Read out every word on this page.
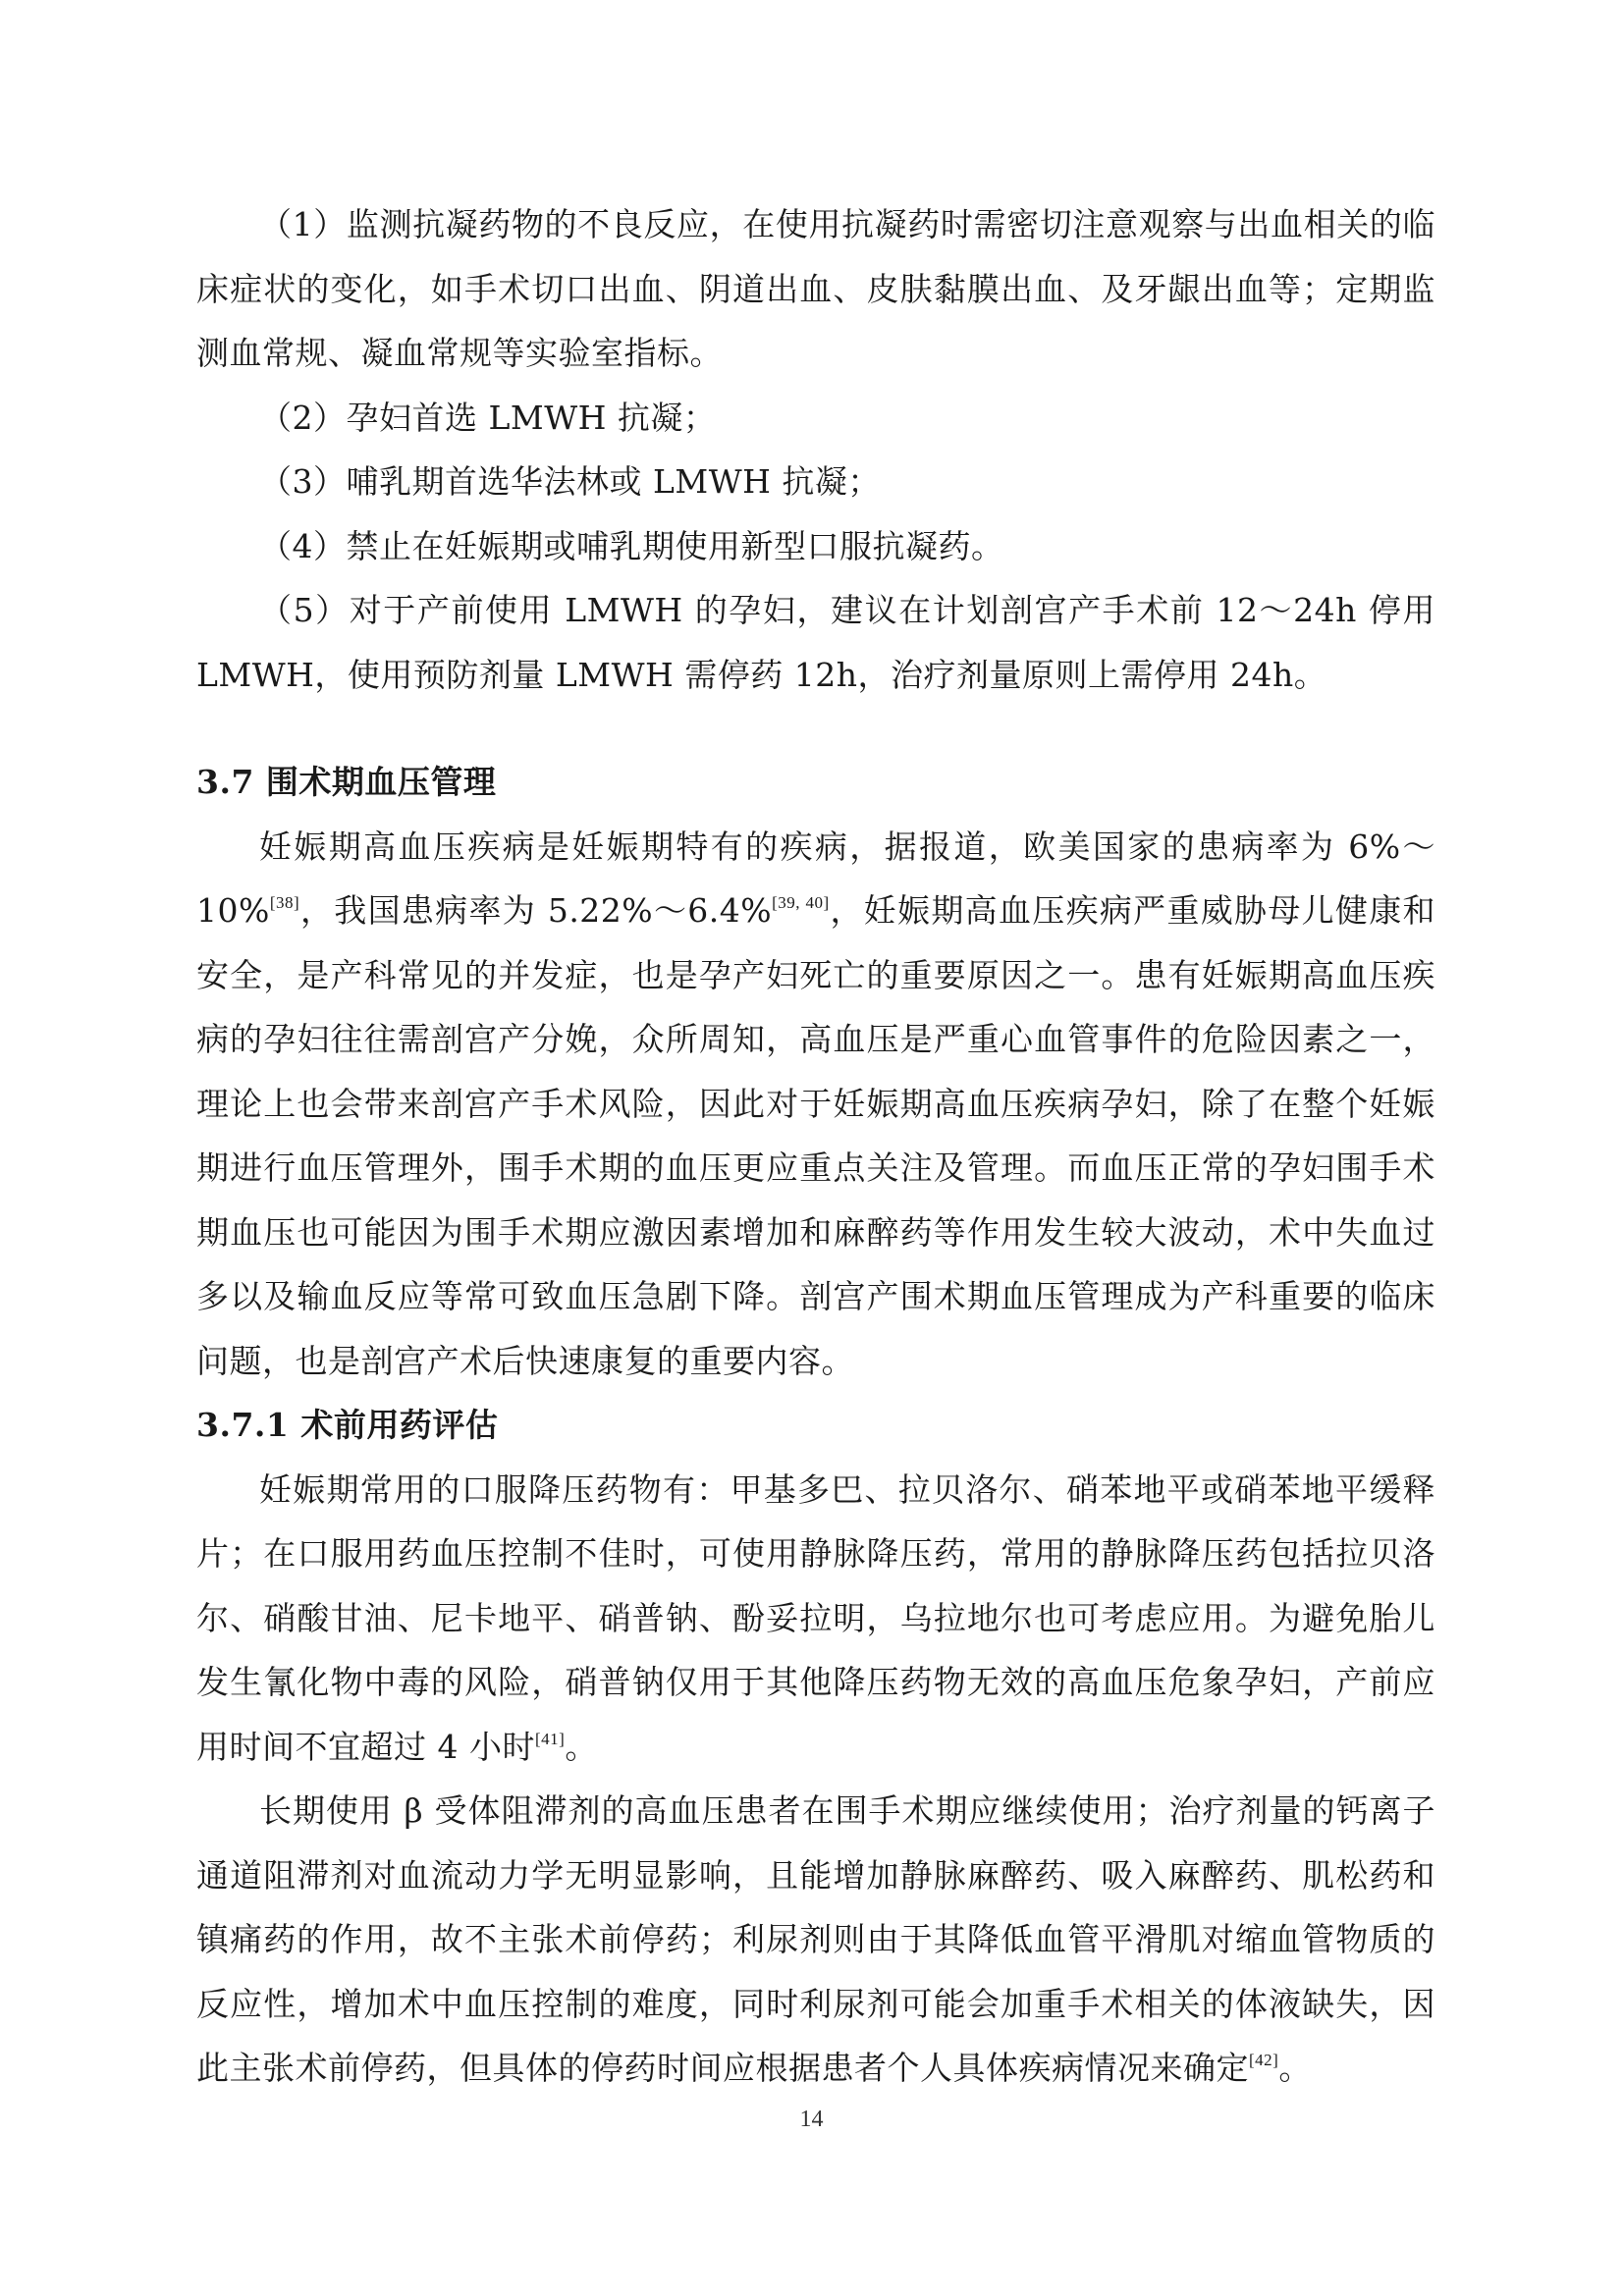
（1）监测抗凝药物的不良反应，在使用抗凝药时需密切注意观察与出血相关的临床症状的变化，如手术切口出血、阴道出血、皮肤黏膜出血、及牙龈出血等；定期监测血常规、凝血常规等实验室指标。

（2）孕妇首选 LMWH 抗凝；

（3）哺乳期首选华法林或 LMWH 抗凝；

（4）禁止在妊娠期或哺乳期使用新型口服抗凝药。

（5）对于产前使用 LMWH 的孕妇，建议在计划剖宫产手术前 12～24h 停用 LMWH，使用预防剂量 LMWH 需停药 12h，治疗剂量原则上需停用 24h。

3.7 围术期血压管理

妊娠期高血压疾病是妊娠期特有的疾病，据报道，欧美国家的患病率为 6%～10%[38]，我国患病率为 5.22%～6.4%[39, 40]，妊娠期高血压疾病严重威胁母儿健康和安全，是产科常见的并发症，也是孕产妇死亡的重要原因之一。患有妊娠期高血压疾病的孕妇往往需剖宫产分娩，众所周知，高血压是严重心血管事件的危险因素之一，理论上也会带来剖宫产手术风险，因此对于妊娠期高血压疾病孕妇，除了在整个妊娠期进行血压管理外，围手术期的血压更应重点关注及管理。而血压正常的孕妇围手术期血压也可能因为围手术期应激因素增加和麻醉药等作用发生较大波动，术中失血过多以及输血反应等常可致血压急剧下降。剖宫产围术期血压管理成为产科重要的临床问题，也是剖宫产术后快速康复的重要内容。

3.7.1 术前用药评估

妊娠期常用的口服降压药物有：甲基多巴、拉贝洛尔、硝苯地平或硝苯地平缓释片；在口服用药血压控制不佳时，可使用静脉降压药，常用的静脉降压药包括拉贝洛尔、硝酸甘油、尼卡地平、硝普钠、酚妥拉明，乌拉地尔也可考虑应用。为避免胎儿发生氰化物中毒的风险，硝普钠仅用于其他降压药物无效的高血压危象孕妇，产前应用时间不宜超过 4 小时[41]。

长期使用 β 受体阻滞剂的高血压患者在围手术期应继续使用；治疗剂量的钙离子通道阻滞剂对血流动力学无明显影响，且能增加静脉麻醉药、吸入麻醉药、肌松药和镇痛药的作用，故不主张术前停药；利尿剂则由于其降低血管平滑肌对缩血管物质的反应性，增加术中血压控制的难度，同时利尿剂可能会加重手术相关的体液缺失，因此主张术前停药，但具体的停药时间应根据患者个人具体疾病情况来确定[42]。

14
